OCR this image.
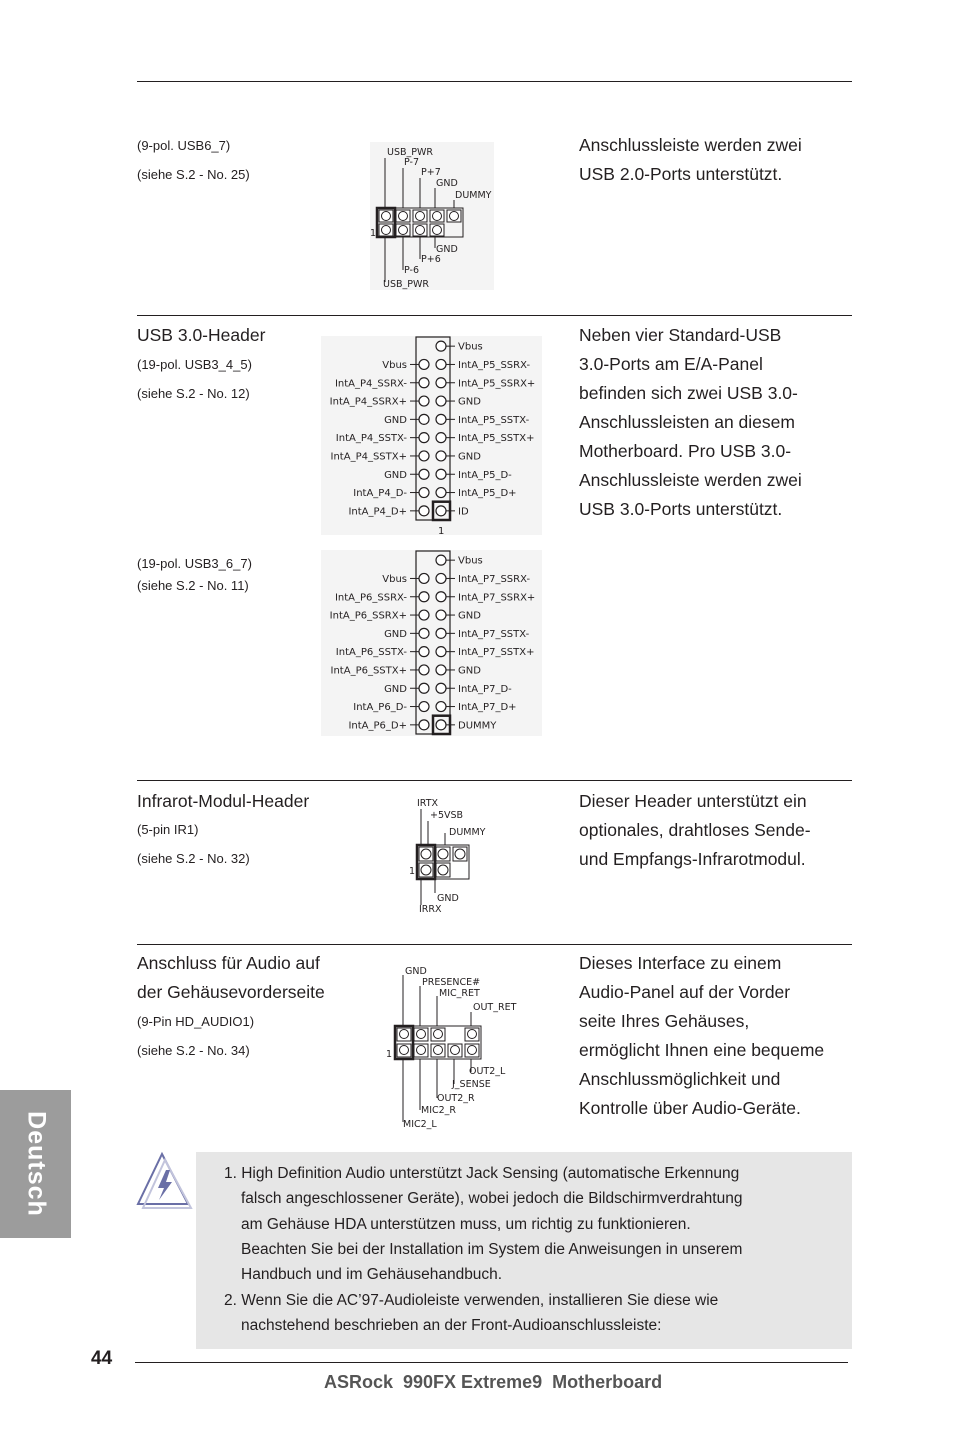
(9-pol. USB6_7)
(siehe S.2 - No. 25)
USB_PWR
P-7
P+7
GND
DUMMY
1
GND
P+6
P-6
USB_PWR
Anschlussleiste werden zwei
USB 2.0-Ports unterstützt.
USB 3.0-Header
(19-pol. USB3_4_5)
(siehe S.2 - No. 12)
Vbus
IntA_P5_SSRX-
Vbus
IntA_P5_SSRX+
IntA_P4_SSRX-
GND
IntA_P4_SSRX+
IntA_P5_SSTX-
GND
IntA_P5_SSTX+
IntA_P4_SSTX-
GND
IntA_P4_SSTX+
IntA_P5_D-
GND
IntA_P5_D+
IntA_P4_D-
ID
IntA_P4_D+
1
Neben vier Standard-USB
3.0-Ports am E/A-Panel
befinden sich zwei USB 3.0-
Anschlussleisten an diesem
Motherboard. Pro USB 3.0-
Anschlussleiste werden zwei
USB 3.0-Ports unterstützt.
(19-pol. USB3_6_7)
(siehe S.2 - No. 11)
Vbus
IntA_P7_SSRX-
Vbus
IntA_P7_SSRX+
IntA_P6_SSRX-
GND
IntA_P6_SSRX+
IntA_P7_SSTX-
GND
IntA_P7_SSTX+
IntA_P6_SSTX-
GND
IntA_P6_SSTX+
IntA_P7_D-
GND
IntA_P7_D+
IntA_P6_D-
DUMMY
IntA_P6_D+
Infrarot-Modul-Header
(5-pin IR1)
(siehe S.2 - No. 32)
IRTX
+5VSB
DUMMY
1
GND
IRRX
Dieser Header unterstützt ein
optionales, drahtloses Sende-
und Empfangs-Infrarotmodul.
Anschluss für Audio auf
der Gehäusevorderseite
(9-Pin HD_AUDIO1)
(siehe S.2 - No. 34)
GND
PRESENCE#
MIC_RET
OUT_RET
1
OUT2_L
J_SENSE
OUT2_R
MIC2_R
MIC2_L
Dieses Interface zu einem
Audio-Panel auf der Vorder
seite Ihres Gehäuses,
ermöglicht Ihnen eine bequeme
Anschlussmöglichkeit und
Kontrolle über Audio-Geräte.
Deutsch	1. High Definition Audio unterstützt Jack Sensing (automatische Erkennung
falsch angeschlossener Geräte), wobei jedoch die Bildschirmverdrahtung
am Gehäuse HDA unterstützen muss, um richtig zu funktionieren.
Beachten Sie bei der Installation im System die Anweisungen in unserem
Handbuch und im Gehäusehandbuch.
2. Wenn Sie die AC’97-Audioleiste verwenden, installieren Sie diese wie
nachstehend beschrieben an der Front-Audioanschlussleiste:
44
ASRock  990FX Extreme9  Motherboard
